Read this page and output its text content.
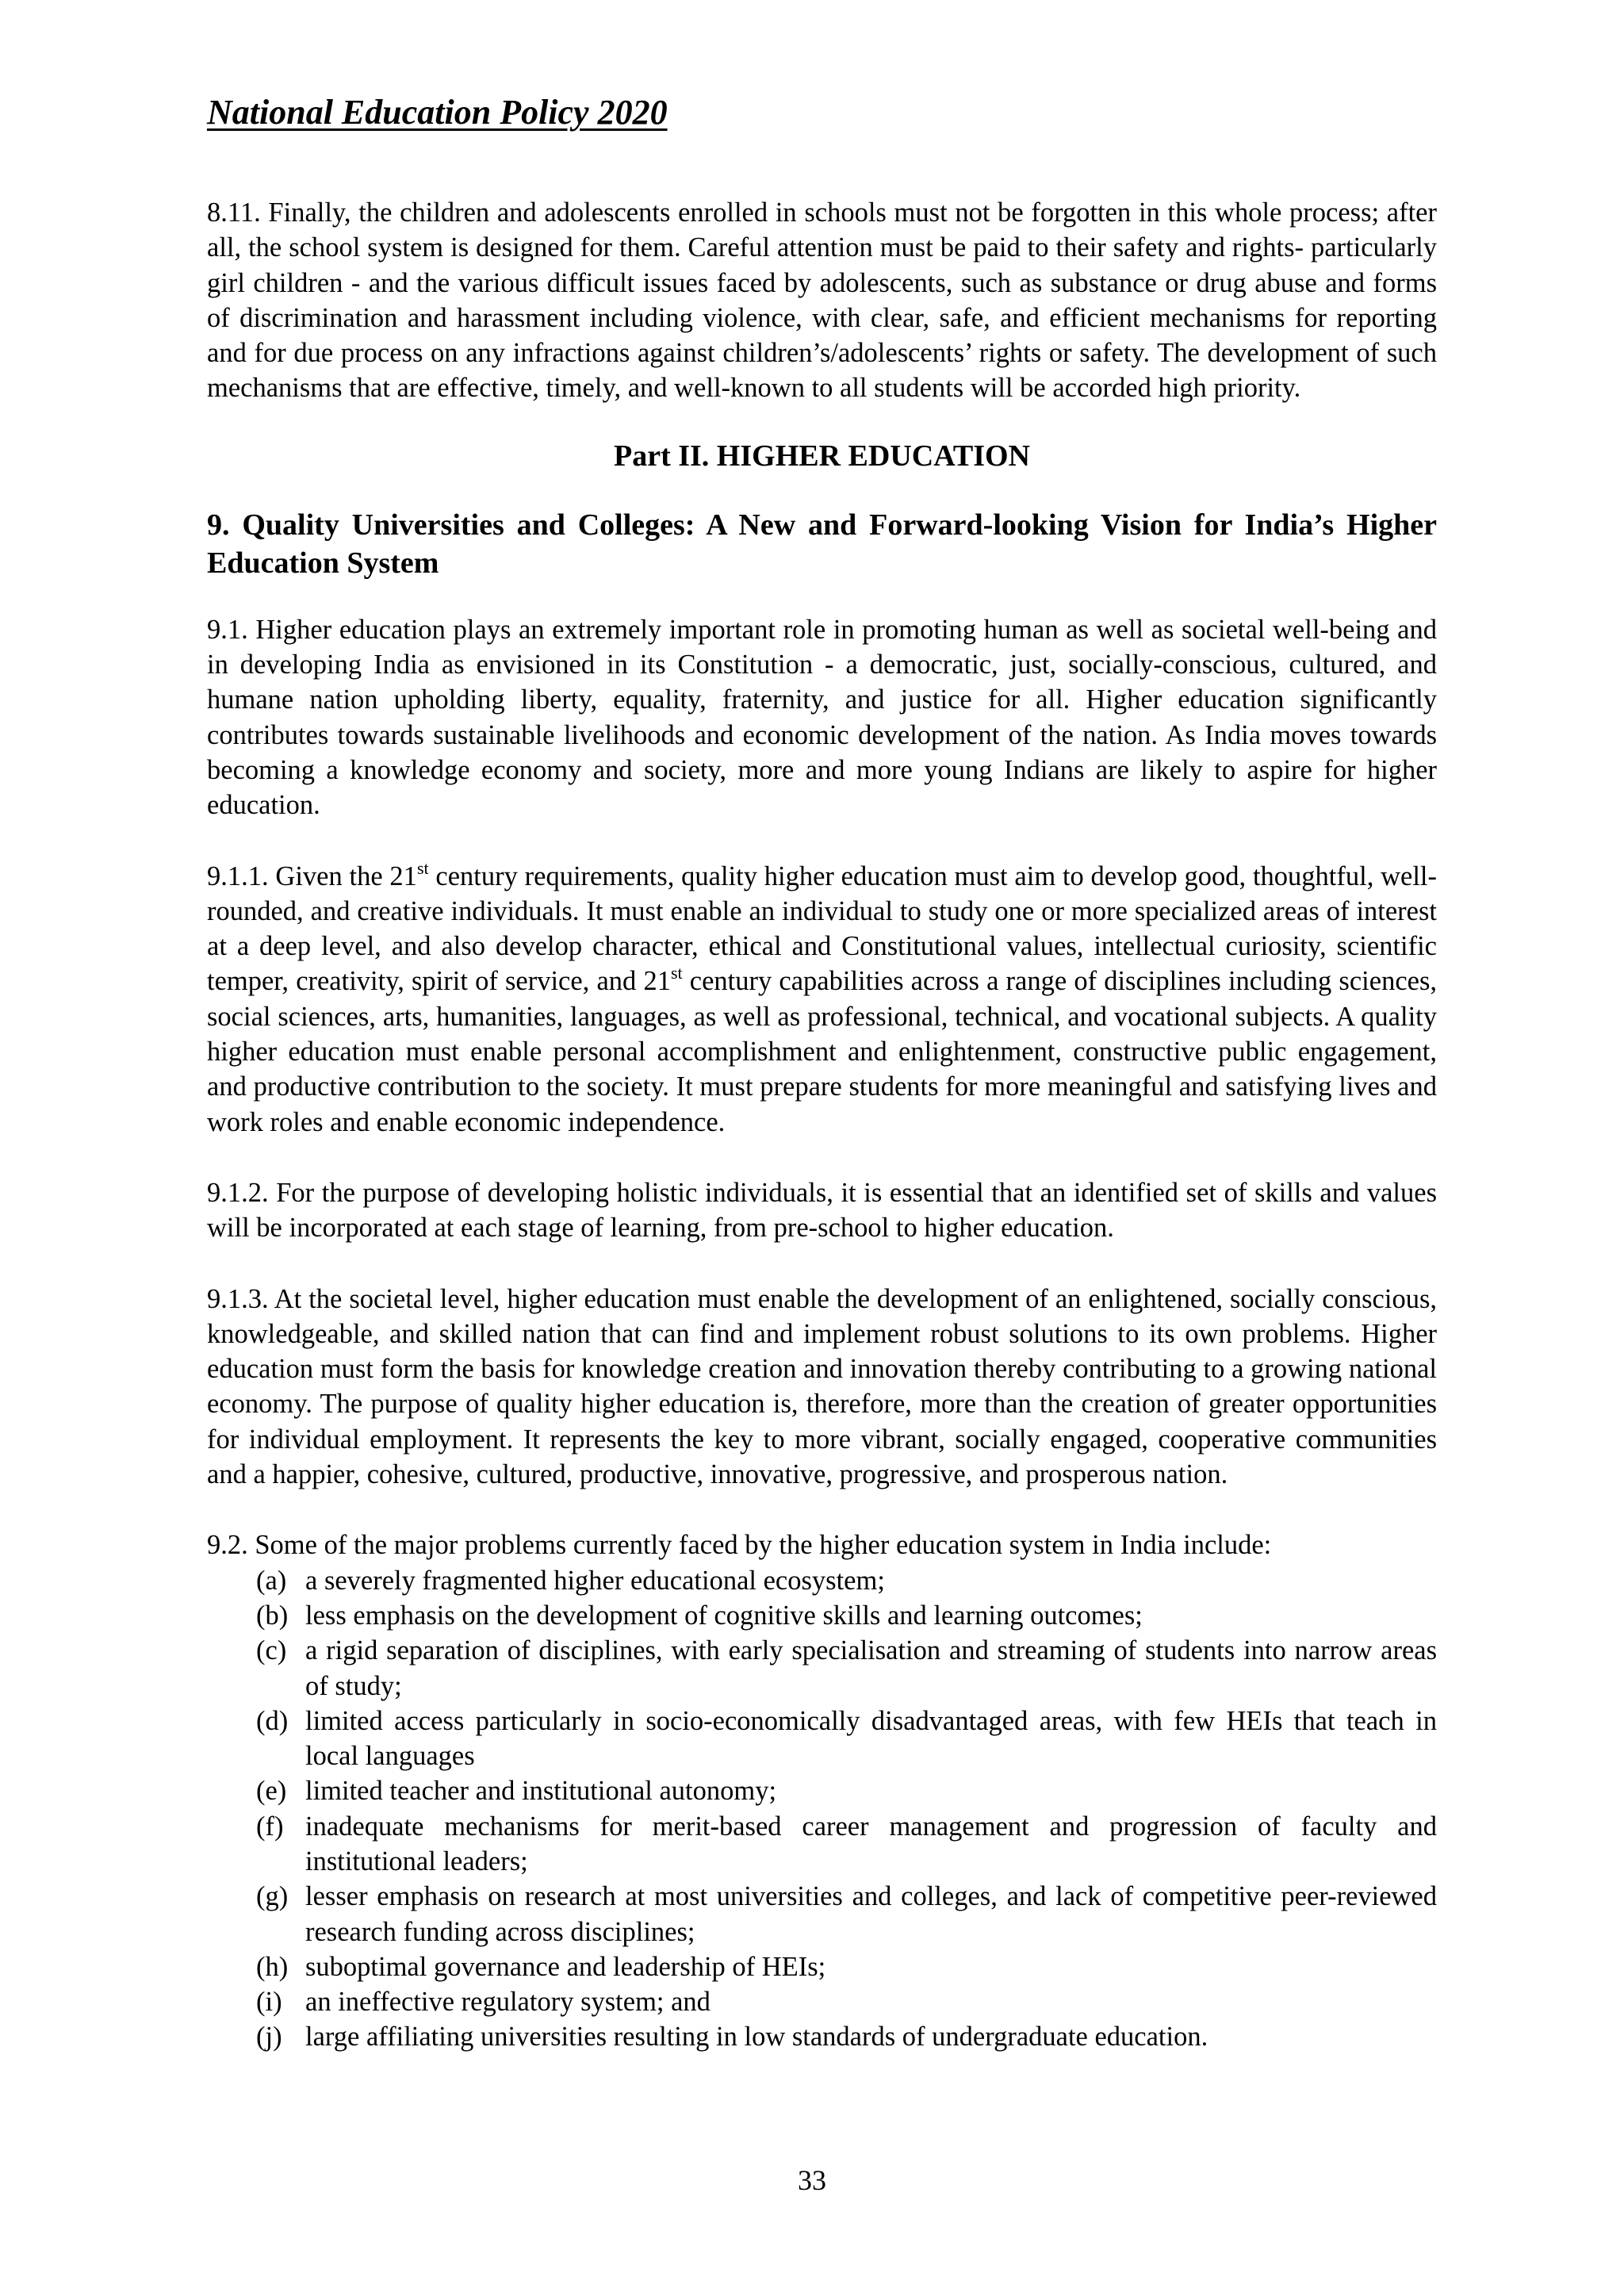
National Education Policy 2020

8.11. Finally, the children and adolescents enrolled in schools must not be forgotten in this whole process; after all, the school system is designed for them. Careful attention must be paid to their safety and rights- particularly girl children - and the various difficult issues faced by adolescents, such as substance or drug abuse and forms of discrimination and harassment including violence, with clear, safe, and efficient mechanisms for reporting and for due process on any infractions against children’s/adolescents’ rights or safety. The development of such mechanisms that are effective, timely, and well-known to all students will be accorded high priority.

Part II. HIGHER EDUCATION
9. Quality Universities and Colleges: A New and Forward-looking Vision for India’s Higher Education System

9.1. Higher education plays an extremely important role in promoting human as well as societal well-being and in developing India as envisioned in its Constitution - a democratic, just, socially-conscious, cultured, and humane nation upholding liberty, equality, fraternity, and justice for all. Higher education significantly contributes towards sustainable livelihoods and economic development of the nation. As India moves towards becoming a knowledge economy and society, more and more young Indians are likely to aspire for higher education.

9.1.1. Given the 21st century requirements, quality higher education must aim to develop good, thoughtful, well-rounded, and creative individuals. It must enable an individual to study one or more specialized areas of interest at a deep level, and also develop character, ethical and Constitutional values, intellectual curiosity, scientific temper, creativity, spirit of service, and 21st century capabilities across a range of disciplines including sciences, social sciences, arts, humanities, languages, as well as professional, technical, and vocational subjects. A quality higher education must enable personal accomplishment and enlightenment, constructive public engagement, and productive contribution to the society. It must prepare students for more meaningful and satisfying lives and work roles and enable economic independence.

9.1.2. For the purpose of developing holistic individuals, it is essential that an identified set of skills and values will be incorporated at each stage of learning, from pre-school to higher education.

9.1.3. At the societal level, higher education must enable the development of an enlightened, socially conscious, knowledgeable, and skilled nation that can find and implement robust solutions to its own problems. Higher education must form the basis for knowledge creation and innovation thereby contributing to a growing national economy. The purpose of quality higher education is, therefore, more than the creation of greater opportunities for individual employment. It represents the key to more vibrant, socially engaged, cooperative communities and a happier, cohesive, cultured, productive, innovative, progressive, and prosperous nation.

9.2. Some of the major problems currently faced by the higher education system in India include:

(a) a severely fragmented higher educational ecosystem;
(b) less emphasis on the development of cognitive skills and learning outcomes;
(c) a rigid separation of disciplines, with early specialisation and streaming of students into narrow areas of study;
(d) limited access particularly in socio-economically disadvantaged areas, with few HEIs that teach in local languages
(e) limited teacher and institutional autonomy;
(f) inadequate mechanisms for merit-based career management and progression of faculty and institutional leaders;
(g) lesser emphasis on research at most universities and colleges, and lack of competitive peer-reviewed research funding across disciplines;
(h) suboptimal governance and leadership of HEIs;
(i) an ineffective regulatory system; and
(j) large affiliating universities resulting in low standards of undergraduate education.
33
